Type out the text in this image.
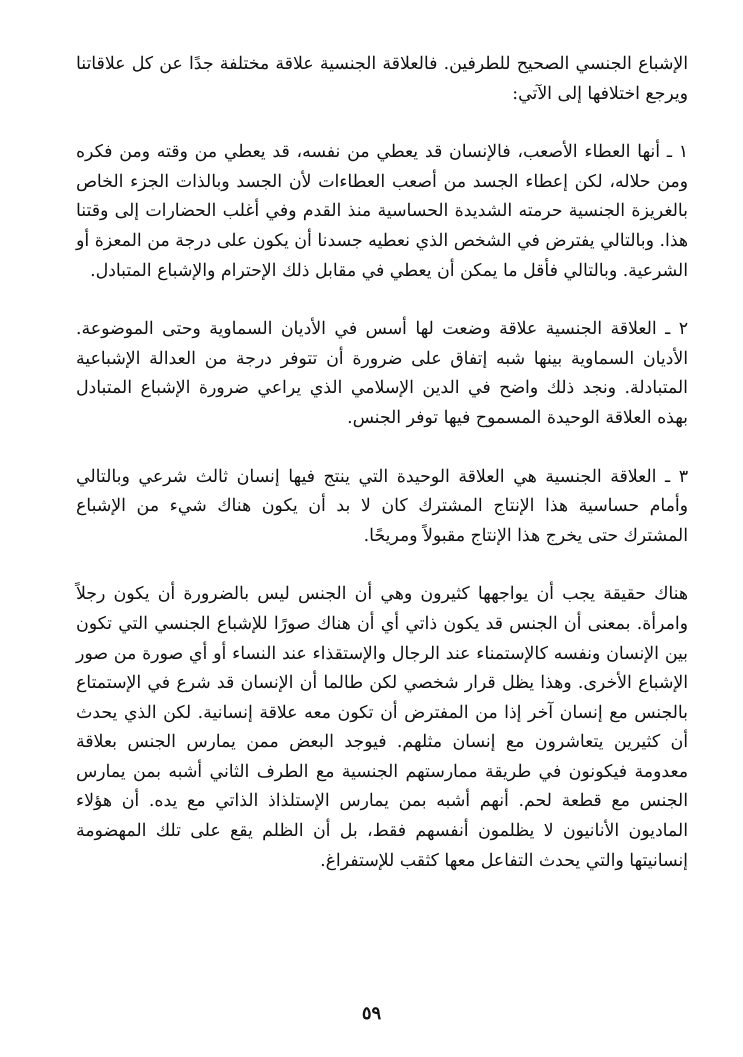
الإشباع الجنسي الصحيح للطرفين. فالعلاقة الجنسية علاقة مختلفة جدًا عن كل علاقاتنا ويرجع اختلافها إلى الآتي:

١ ـ أنها العطاء الأصعب، فالإنسان قد يعطي من نفسه، قد يعطي من وقته ومن فكره ومن حلاله، لكن إعطاء الجسد من أصعب العطاءات لأن الجسد وبالذات الجزء الخاص بالغريزة الجنسية حرمته الشديدة الحساسية منذ القدم وفي أغلب الحضارات إلى وقتنا هذا. وبالتالي يفترض في الشخص الذي نعطيه جسدنا أن يكون على درجة من المعزة أو الشرعية. وبالتالي فأقل ما يمكن أن يعطي في مقابل ذلك الإحترام والإشباع المتبادل.

٢ ـ العلاقة الجنسية علاقة وضعت لها أسس في الأديان السماوية وحتى الموضوعة. الأديان السماوية بينها شبه إتفاق على ضرورة أن تتوفر درجة من العدالة الإشباعية المتبادلة. ونجد ذلك واضح في الدين الإسلامي الذي يراعي ضرورة الإشباع المتبادل بهذه العلاقة الوحيدة المسموح فيها توفر الجنس.

٣ ـ العلاقة الجنسية هي العلاقة الوحيدة التي ينتج فيها إنسان ثالث شرعي وبالتالي وأمام حساسية هذا الإنتاج المشترك كان لا بد أن يكون هناك شيء من الإشباع المشترك حتى يخرج هذا الإنتاج مقبولاً ومريحًا.

هناك حقيقة يجب أن يواجهها كثيرون وهي أن الجنس ليس بالضرورة أن يكون رجلاً وامرأة. بمعنى أن الجنس قد يكون ذاتي أي أن هناك صورًا للإشباع الجنسي التي تكون بين الإنسان ونفسه كالإستمناء عند الرجال والإستقذاء عند النساء أو أي صورة من صور الإشباع الأخرى. وهذا يظل قرار شخصي لكن طالما أن الإنسان قد شرع في الإستمتاع بالجنس مع إنسان آخر إذا من المفترض أن تكون معه علاقة إنسانية. لكن الذي يحدث أن كثيرين يتعاشرون مع إنسان مثلهم. فيوجد البعض ممن يمارس الجنس بعلاقة معدومة فيكونون في طريقة ممارستهم الجنسية مع الطرف الثاني أشبه بمن يمارس الجنس مع قطعة لحم. أنهم أشبه بمن يمارس الإستلذاذ الذاتي مع يده. أن هؤلاء الماديون الأنانيون لا يظلمون أنفسهم فقط، بل أن الظلم يقع على تلك المهضومة إنسانيتها والتي يحدث التفاعل معها كثقب للإستفراغ.

٥٩
